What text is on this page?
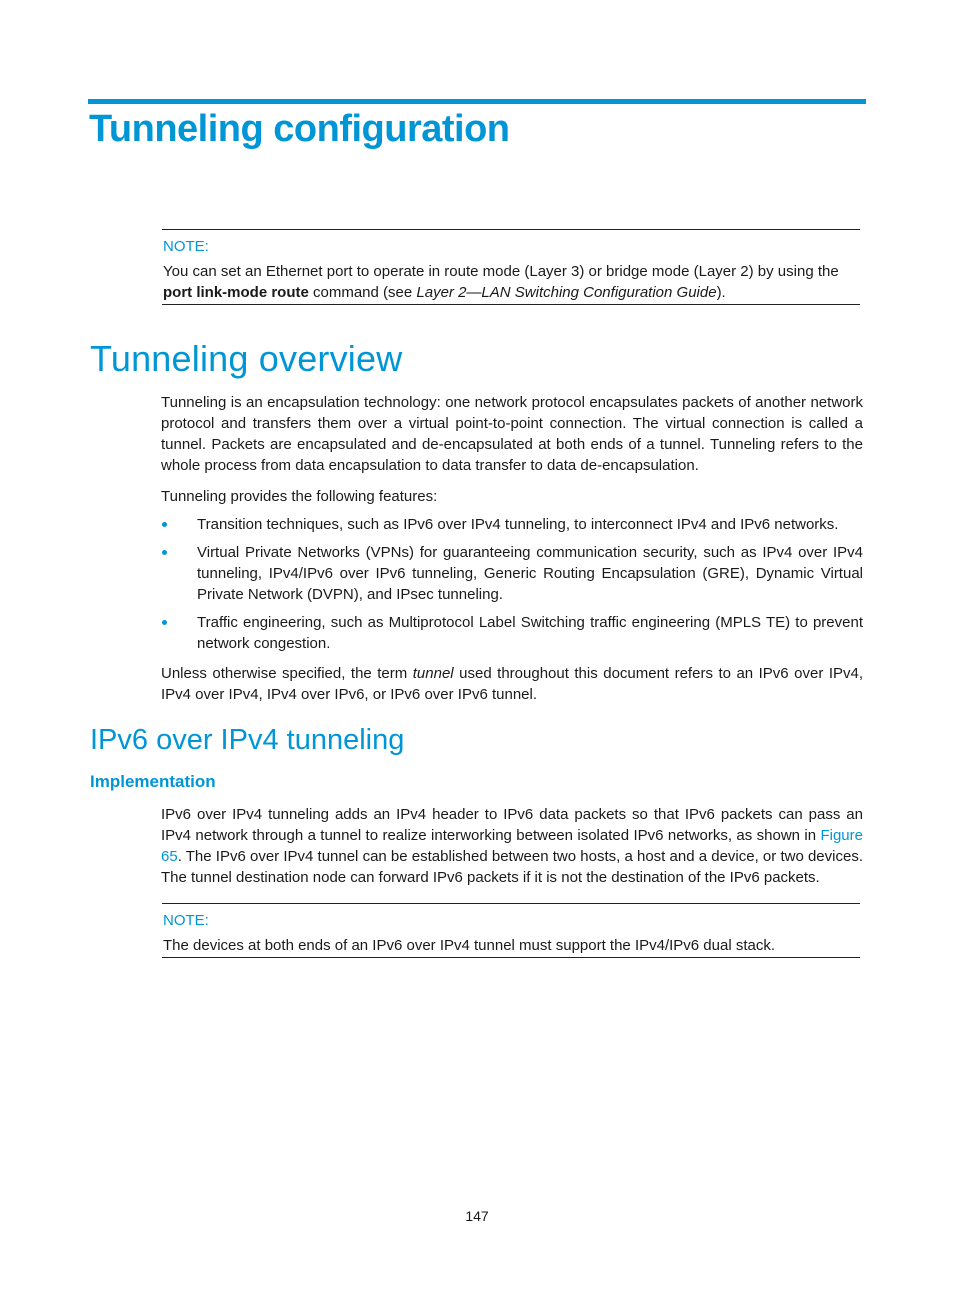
Tunneling configuration
NOTE:

You can set an Ethernet port to operate in route mode (Layer 3) or bridge mode (Layer 2) by using the port link-mode route command (see Layer 2—LAN Switching Configuration Guide).

Tunneling overview

Tunneling is an encapsulation technology: one network protocol encapsulates packets of another network protocol and transfers them over a virtual point-to-point connection. The virtual connection is called a tunnel. Packets are encapsulated and de-encapsulated at both ends of a tunnel. Tunneling refers to the whole process from data encapsulation to data transfer to data de-encapsulation.

Tunneling provides the following features:

Transition techniques, such as IPv6 over IPv4 tunneling, to interconnect IPv4 and IPv6 networks.
Virtual Private Networks (VPNs) for guaranteeing communication security, such as IPv4 over IPv4 tunneling, IPv4/IPv6 over IPv6 tunneling, Generic Routing Encapsulation (GRE), Dynamic Virtual Private Network (DVPN), and IPsec tunneling.
Traffic engineering, such as Multiprotocol Label Switching traffic engineering (MPLS TE) to prevent network congestion.

Unless otherwise specified, the term tunnel used throughout this document refers to an IPv6 over IPv4, IPv4 over IPv4, IPv4 over IPv6, or IPv6 over IPv6 tunnel.

IPv6 over IPv4 tunneling
Implementation

IPv6 over IPv4 tunneling adds an IPv4 header to IPv6 data packets so that IPv6 packets can pass an IPv4 network through a tunnel to realize interworking between isolated IPv6 networks, as shown in Figure 65. The IPv6 over IPv4 tunnel can be established between two hosts, a host and a device, or two devices. The tunnel destination node can forward IPv6 packets if it is not the destination of the IPv6 packets.

NOTE:

The devices at both ends of an IPv6 over IPv4 tunnel must support the IPv4/IPv6 dual stack.

147
